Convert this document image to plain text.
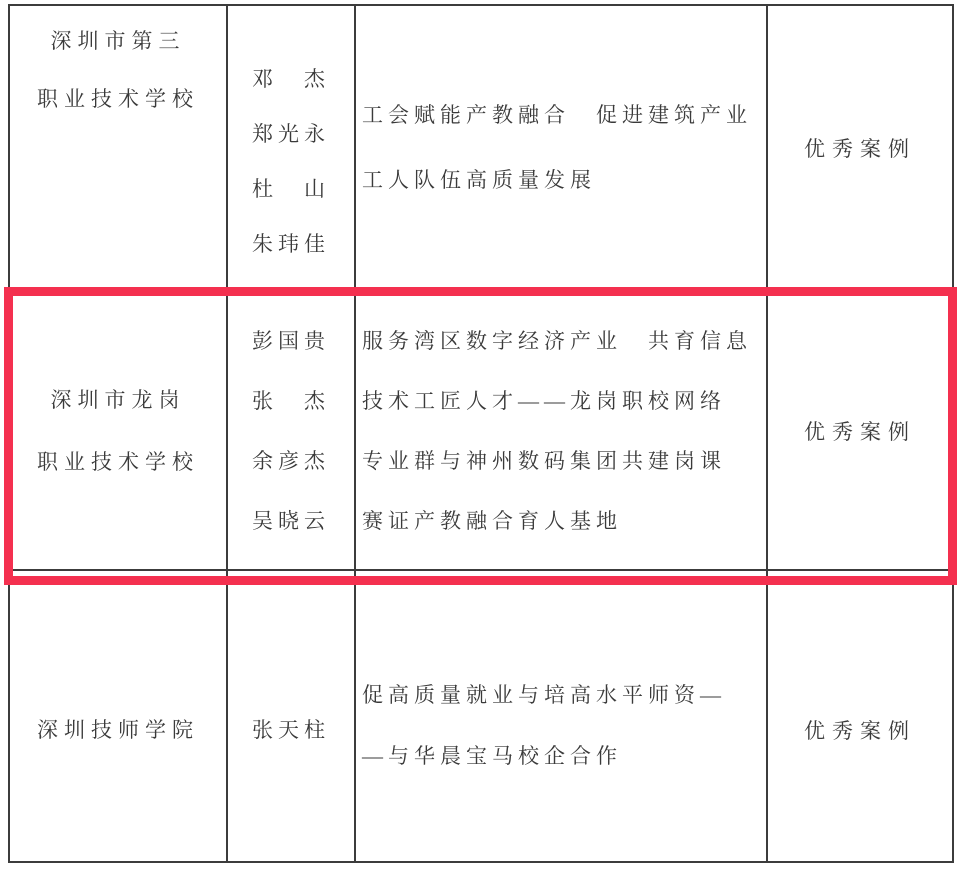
深圳市第三
职业技术学校
邓　杰
郑光永
杜　山
朱玮佳
工会赋能产教融合　促进建筑产业
工人队伍高质量发展
优秀案例
深圳市龙岗
职业技术学校
彭国贵
张　杰
余彦杰
吴晓云
服务湾区数字经济产业　共育信息
技术工匠人才——龙岗职校网络
专业群与神州数码集团共建岗课
赛证产教融合育人基地
优秀案例
深圳技师学院	张天柱
促高质量就业与培高水平师资—
—与华晨宝马校企合作
优秀案例
